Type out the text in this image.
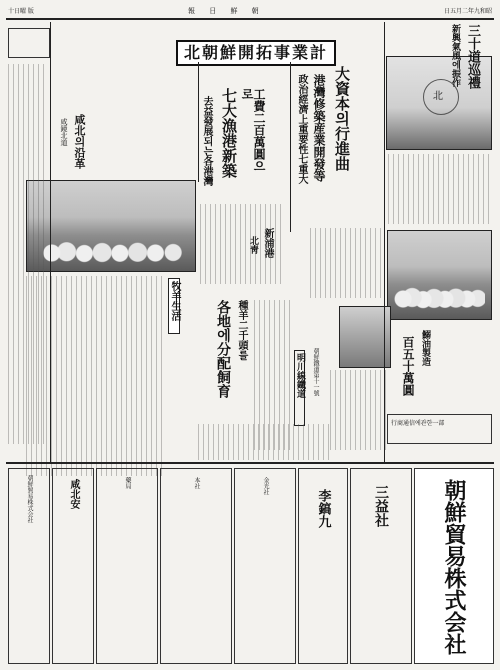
十日曜 版	報 日 鮮 朝	日五月二年九和昭
北朝鮮開拓事業計
大資本의行進曲
港灣修築産業開發等
政治經濟上重要性七重大
工費二百萬圓으로
七大漁港新築
去益發展되는各港灣
咸北의沿革
咸鏡北道
北
三十道巡禮
新興氣風에振作
牧羊生活	各地에分配飼育 種羊二千頭를
明川線鐵道 朝鮮鐵道第十一號
新浦港
北靑
鰯油製造
百五十萬圓
行商通信에관한一部
朝鮮貿易株式会社	咸北安	藥局	本社	金光社
李鎬九	三益社 朝鮮貿易株式会社
